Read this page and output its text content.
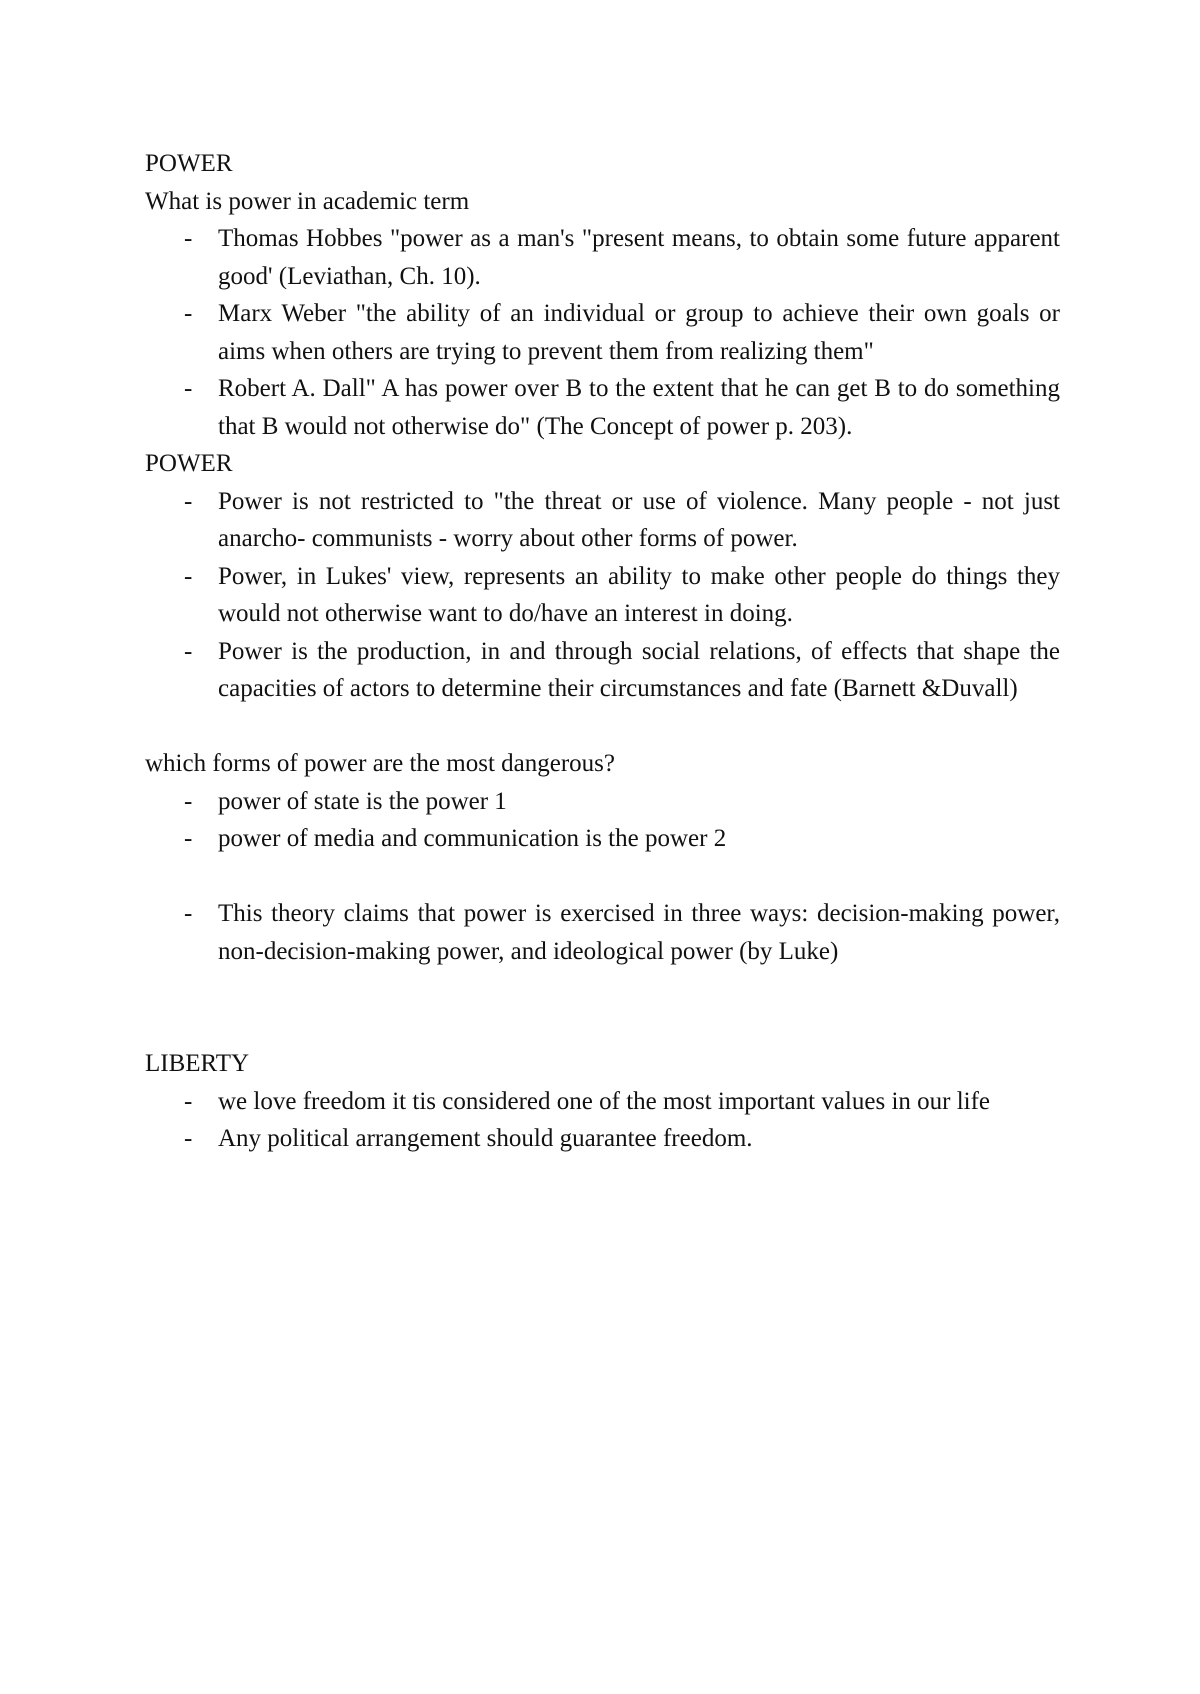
POWER

What is power in academic term

- Thomas Hobbes "power as a man's "present means, to obtain some future apparent good' (Leviathan, Ch. 10).
- Marx Weber "the ability of an individual or group to achieve their own goals or aims when others are trying to prevent them from realizing them"
- Robert A. Dall" A has power over B to the extent that he can get B to do something that B would not otherwise do" (The Concept of power p. 203).

POWER

- Power is not restricted to "the threat or use of violence. Many people - not just anarcho- communists - worry about other forms of power.
- Power, in Lukes' view, represents an ability to make other people do things they would not otherwise want to do/have an interest in doing.
- Power is the production, in and through social relations, of effects that shape the capacities of actors to determine their circumstances and fate (Barnett &Duvall)

which forms of power are the most dangerous?

- power of state is the power 1
- power of media and communication is the power 2
- This theory claims that power is exercised in three ways: decision-making power, non-decision-making power, and ideological power (by Luke)

LIBERTY

- we love freedom it tis considered one of the most important values in our life
- Any political arrangement should guarantee freedom.
